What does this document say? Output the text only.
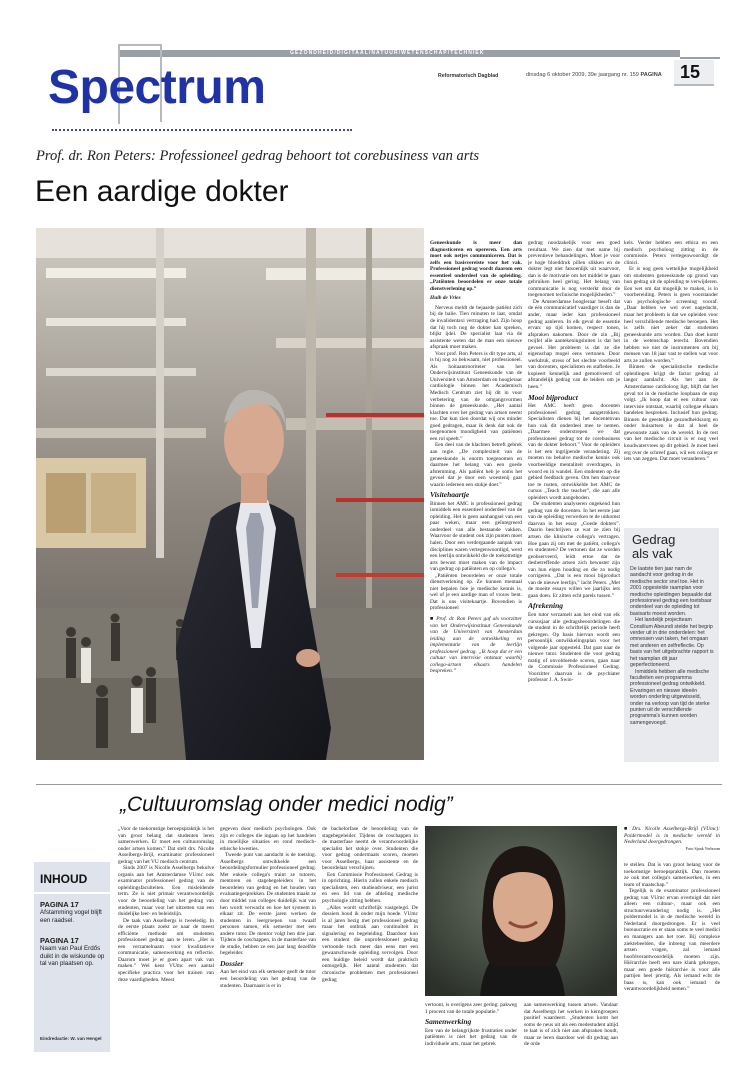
GEZONDHEID/DIGITAAL/NATUUR/WETENSCHAP/TECHNIEK
Spectrum	Reformatorisch Dagblad	dinsdag 6 oktober 2009, 39e jaargang nr. 159 PAGINA 15
Prof. dr. Ron Peters: Professioneel gedrag behoort tot corebusiness van arts
Een aardige dokter

Geneeskunde is meer dan diagnosticeren en opereren. Een arts moet ook netjes communiceren. Dat is zelfs een basisvereiste voor het vak. Professioneel gedrag wordt daarom een essentieel onderdeel van de opleiding. „Patiënten beoordelen er onze totale dienstverlening op.”

Huib de Vries

Nerveus meldt de bejaarde patiënt zich bij de balie. Tien minuten te laat, omdat de invalidentaxi vertraging had. Zijn hoop dat hij toch nog de dokter kan spreken, blijkt ijdel. De specialist laat via de assistente weten dat de man een nieuwe afspraak moet maken.

Voor prof. Ron Peters is dit type arts, al is hij nog zo bekwaam, niet professioneel. Als hoitaantrooriteter van het Onderwijsinstituut Geneeskunde van de Universiteit van Amsterdam en hoogleraar cardiologie binnen het Academisch Medisch Centrum ziet hij dit in voor verbetering van de omgangsvormen binnen de geneeskunde. „Het aantal klachten over het gedrag van artsen neemt toe. Dat kun zien doordat wij ons minder goed gedragen, maar ik denk dat ook de toegenomen mondigheid van patiënten een rol speelt.”

Een deel van de klachten betreft gebrek aan regie. „De complexiteit van de geneeskunde is enorm toegenomen en daarmee het belang van een goede afstemming. Als patiënt heb je soms het gevoel dat je door een woestenij gaat waarin iedereen een stukje doet.”

Visitehaartje

Binnen het AMC is professioneel gedrag inmiddels een essentieel onderdeel van de opleiding. Het is geen aanhangsel van een paar weken, maar een geïntegreerd onderdeel van alle bestaande vakken. Waarvoor de student ook zijn punten moet halen. Door een verdergaande aanpak van disciplines waren vertegenwoordigd, werd een leerlijn ontwikkeld die de toekomstige arts bewust moet maken van de impact van gedrag op patiënten en op collega's.

„Patiënten beoordelen er onze totale dienstverlening op. Ze kunnen mentaal niet bepalen hoe je medische kennis is, wel of je een aardige man of vrouw bent. Dat is ons visitekaartje. Bovendien is professioneel

■ Prof. dr. Ron Peters gaf als voorzitter van het Onderwijsinstituut Geneeskunde van de Universiteit van Amsterdam leiding aan de ontwikkeling en implementatie van de leerlijn professioneel gedrag. „Ik hoop dat er een cultuur van intervisie ontstaat waarbij collega-artsen elkaars handelen bespreken.”

gedrag noodzakelijk voor een goed resultaat. We zien dat met name bij preventieve behandelingen. Moet je voor je hoge bloeddruk pillen slikken en de dokter legt niet fatsoenlijk uit waarvoor, dan is de motivatie om het middel te gaan gebruiken heel gering. Het belang van communicatie is nog versterkt door de toegenomen technische mogelijkheden.”

De Amsterdamse hoogleraar beseft dat de één communicatief vaardiger is dan de ander, maar ieder kan professioneel gedrag aanleren. In elk geval de essentie ervan: op tijd komen, respect tonen, afspraken nakomen. Door de zin „Bij twijfel alle aantekeningsluiten is dat het gevoel. Het probleem is dat ze die eigenschap mogel eens vertonen. Door werkdruk, stress of het slechte voorbeeld van docenten, specialisten en stafleden. Je kopieert kennelijk and gemotiveerd of afstandelijk gedrag van de leiders om je heen.”

Mooi bijproduct

Het AMC heeft geen docenten professioneel gedrag aangetrokken. Specialisten dienen bij het docentenvan hun vak dit onderdeel mee te nemen. „Daarmee onderstrepen we dat professioneel gedrag tot de corebusiness van de dokter behoort.” Voor de opleiders is het een ingrijpende verandering. Zij moeten nu behalve medische kennis ook voorbeeldige mentaliteit overdragen, in woord en in wandel. Een studenten op die gebied feedback geven. Om hen daarvoor toe te rusten, ontwikkelde het AMC de cursus „Teach the teacher”, die aan alle opleiders wordt aangeboden.

De studenten analyseren ongekend hun gedrag van de docenten. In het eerste jaar van de opleiding verwerken te de uitkomst daarvan in het essay „Goede dokters”. Daarin beschrijven ze wat ze zien bij artsen die klinische collega's vertragen. Hoe gaan zij om met de patiënt, collega's en studenten? De vertonen dat ze worden geobserveerd, leidt ertoe dat de desbetreffende artsen zich bewuster zijn van hun eigen houding en die zo nodig corrigeren. „Dat is een mooi bijproduct van de nieuwe leerlijn,” lacht Peters. „Met de moeite essays willen we jaarlijks iets gaan doen. Er zitten echt parels tussen.”

Afrekening

Een tutor verzamelt aan het eind van elk cursusjaar alle gedragsbeoordelingen die de student in de schriftelijk periode heeft gekregen. Op basis hiervan wordt een persoonlijk ontwikkelingsplan voor het volgende jaar opgesteld. Dat gaat naar de nieuwe tutor. Studenten die voor gedrag matig of onvoldoende scoren, gaan naar de Commissie Professioneel Gedrag. Voorzitter daarvan is de psychiater professor J. A. Swin-

kels. Verder hebben een ethica en een medisch psycholoog zitting in de commissie. Peters vertegenwoordigt de clinici.

Er is nog geen wettelijke mogelijkheid om studenten geneeskunde op grond van hun gedrag uit de opleiding te verwijderen. Een wet om dat mogelijk te maken, is in voorbereiding. Peters is geen voorstander van psychologische screening vooraf. „Daar hebben we wel over nagedacht, maar het probleem is dat we opleiden voor heel verschillende medische beroepen. Het is zelfs niet zeker dat studenten geneeskunde arts worden. Dan doet komt in de wetenschap terecht. Bovendien hebben we niet de instrumenten om bij mensen van 18 jaar vast te stellen wat voor arts ze zullen worden.”

Binnen de specialistische medische opleidingen krijgt de factor gedrag al langer aandacht. Als het aan de Amsterdamse cardioloog ligt, blijft dat het geval tot in de medische loopbaan de stop volgt. „Ik hoop dat er een cultuur van intervisie ontstaat, waarbij collegae elkaars handelen bespreken. Inclusief hun gedrag. Binnen de geestelijke gezondheidszorg en onder huisartsen is dat al heel de gewoonste zaak van de wereld. In de rest van het medische circuit is er nog veel koudwatervrees op dit gebied. Je moet heel erg over de schreef gaan, wil een collega er iets van zeggen. Dat moet veranderen.”

Gedrag
als vak

De laatste tien jaar nam de aandacht voor gedrag in de medische sector snel toe. Het in 2001 opgestelde raamplan voor medische opleidingen bepaalde dat professioneel gedrag een toetsbaar onderdeel van de opleiding tot basisarts moest worden.

Het landelijk projectteam Consilium Abeundi stelde het begrip verder uit in drie onderdelen: het omnessen van taken, het omgaan met anderen en zelfreflectie. Op basis van het uitgebrachte rapport is het raamplan dit jaar geperfectioneerd.

Inmiddels hebben alle medische faculteiten een programma professioneel gedrag ontwikkeld. Ervaringen en nieuwe ideeën worden onderling uitgewisseld, onder na verloop van tijd de sterke punten uit de verschillende programma's kunnen worden samengevoegd.

„Cultuuromslag onder medici nodig”
INHOUD
PAGINA 17
Afstamming vogel blijft een raadsel.
PAGINA 17
Naam van Paul Erdős duikt in de wiskunde op tal van plaatsen op.
Eindredactie: W. van Hengel

„Voor de toekomstige beroepspraktijk is het van groot belang dat studenten leren samenwerken. Er moet een cultuuromslag onder artsen komen.” Dat stelt drs. Nicolle Asselbergs-Brijl, examinator professioneel gedrag van het VU medisch centrum.

Sinds 2007 is Nicolle Asselbergs bekulve organis aan het Amsterdamse VUmc ook examinator professioneel gedrag van de opleidingsfaculteiten. Een misleidende term. Ze is niet primair verantwoordelijk voor de beoordeling van het gedrag van studenten, maar voor het uitzetten van een duidelijke leer- en beleidslijn.

De taak van Asselbergs is tweeledig. In de eerste plaats zoekt ze naar de meest efficiënte methode om studenten professioneel gedrag aan te leren. „Het is een verzamelnaam voor kwalitatieve communicatie, samenwerking en reflectie. Daarom moet je er goen apart vak van maken.” Wel kent VUmc een aantal specifieke practica voor het trainen van deze vaardigheden. Meest

gegeven door medisch psychologen. Ook zijn er colleges die ingaan op het handelen in moeilijke situaties en rond medisch-ethische kwesties.

Tweede punt van aandacht is de toetsing. Asselbergs ontwikkelde een beoordelingsformulier professioneel gedrag. Met enkele collega's traint ze tutoren, mentoren en stagebegeleiders in het beoordelen van gedrag en het houden van evaluatiegesprekken. De studenten maakt ze door middel van colleges duidelijk wat van hen wordt verwacht en hoe het systeem in elkaar zit. De eerste jaren werken de studenten in leergroepen van twaalf personen samen, elk semester met een andere tutor. De mentor volgt hen drie jaar. Tijdens de coschappen, in de masterfase van de studie, hebben ze een jaar lang dezelfde begeleider.

Dossier

Aan het eind van elk semester geeft de tutor een beoordeling van het gedrag van de studenten. Daarnaast is er in

de bachelorfase de beoordeling van de stagebegeleider. Tijdens de coschappen in de masterfase neemt de verantwoordelijke specialist het stokje over. Studenten die voor gedrag ondermaats scoren, moeten voor Asselbergs, haar assistente en de beoordelaar verschijnen.

Een Commissie Professioneel Gedrag is in oprichting. Hierin zullen enkele medisch specialisten, een studieadviseur, een jurist en een lid van de afdeling medische psychologie zitting hebben.

„Alles wordt schriftelijk vastgelegd. De dossiers houd ik onder mijn hoede. VUmc is al jaren bezig met professioneel gedrag maar het ontbrak aan continuïteit in signalering en begeleiding. Daardoor kon een student die onprofessioneel gedrag vertoonde toch meer dan eens met een gewaarschuwde opleiding vervolgen. Door een huidige beleid wordt dat praktisch onmogelijk. Het aantal studenten dat chronische problemen met professioneel gedrag

vertoont, is overigens zeer gering: pakweg 1 procent van de totale populatie.”

Samenwerking

Een van de belangrijkste frustraties onder patiënten is niet het gedrag van de individuele arts, maar het gebrek

aan samenwerking tussen artsen. Vandaar dat Asselbergs het werken in kerngroepen positief waardeert. „Studenten komt het soms de neus uit als een medestudent altijd te laat is of zich niet aan afspraken houdt, maar ze leren daardoor wel dit gedrag aan de orde

■ Drs. Nicolle Asselbergs-Brijl (VUmc): Poldermodel is in medische wereld in Nederland doorgedrongen.

Foto Sjaak Verboom

te stellen. Dat is van groot belang voor de toekomstige beroepspraktijk. Dan moeten ze ook met collega's samenwerken, in een team of maatschap.”

Tegelijk is de examinator professioneel gedrag van VUmc ervan overtuigd dat niet alleen een cultuur-, maar ook een structuurverandering nodig is. „Het poldermodel is in de medische wereld in Nederland doorgedrongen. Er is veel bureaucratie en er staan soms te veel medici en managers aan het roer. Bij complexe ziektebeelden, die inbreng van meerdere artsen vragen, zal iemand hoofdverantwoordelijk moeten zijn. Hiërarchie heeft een nare klank gekregen, maar een goede hiërarchie is voor alle partijen heel prettig. Als iemand echt de baas is, kan ook iemand de verantwoordelijkheid nemen.”
